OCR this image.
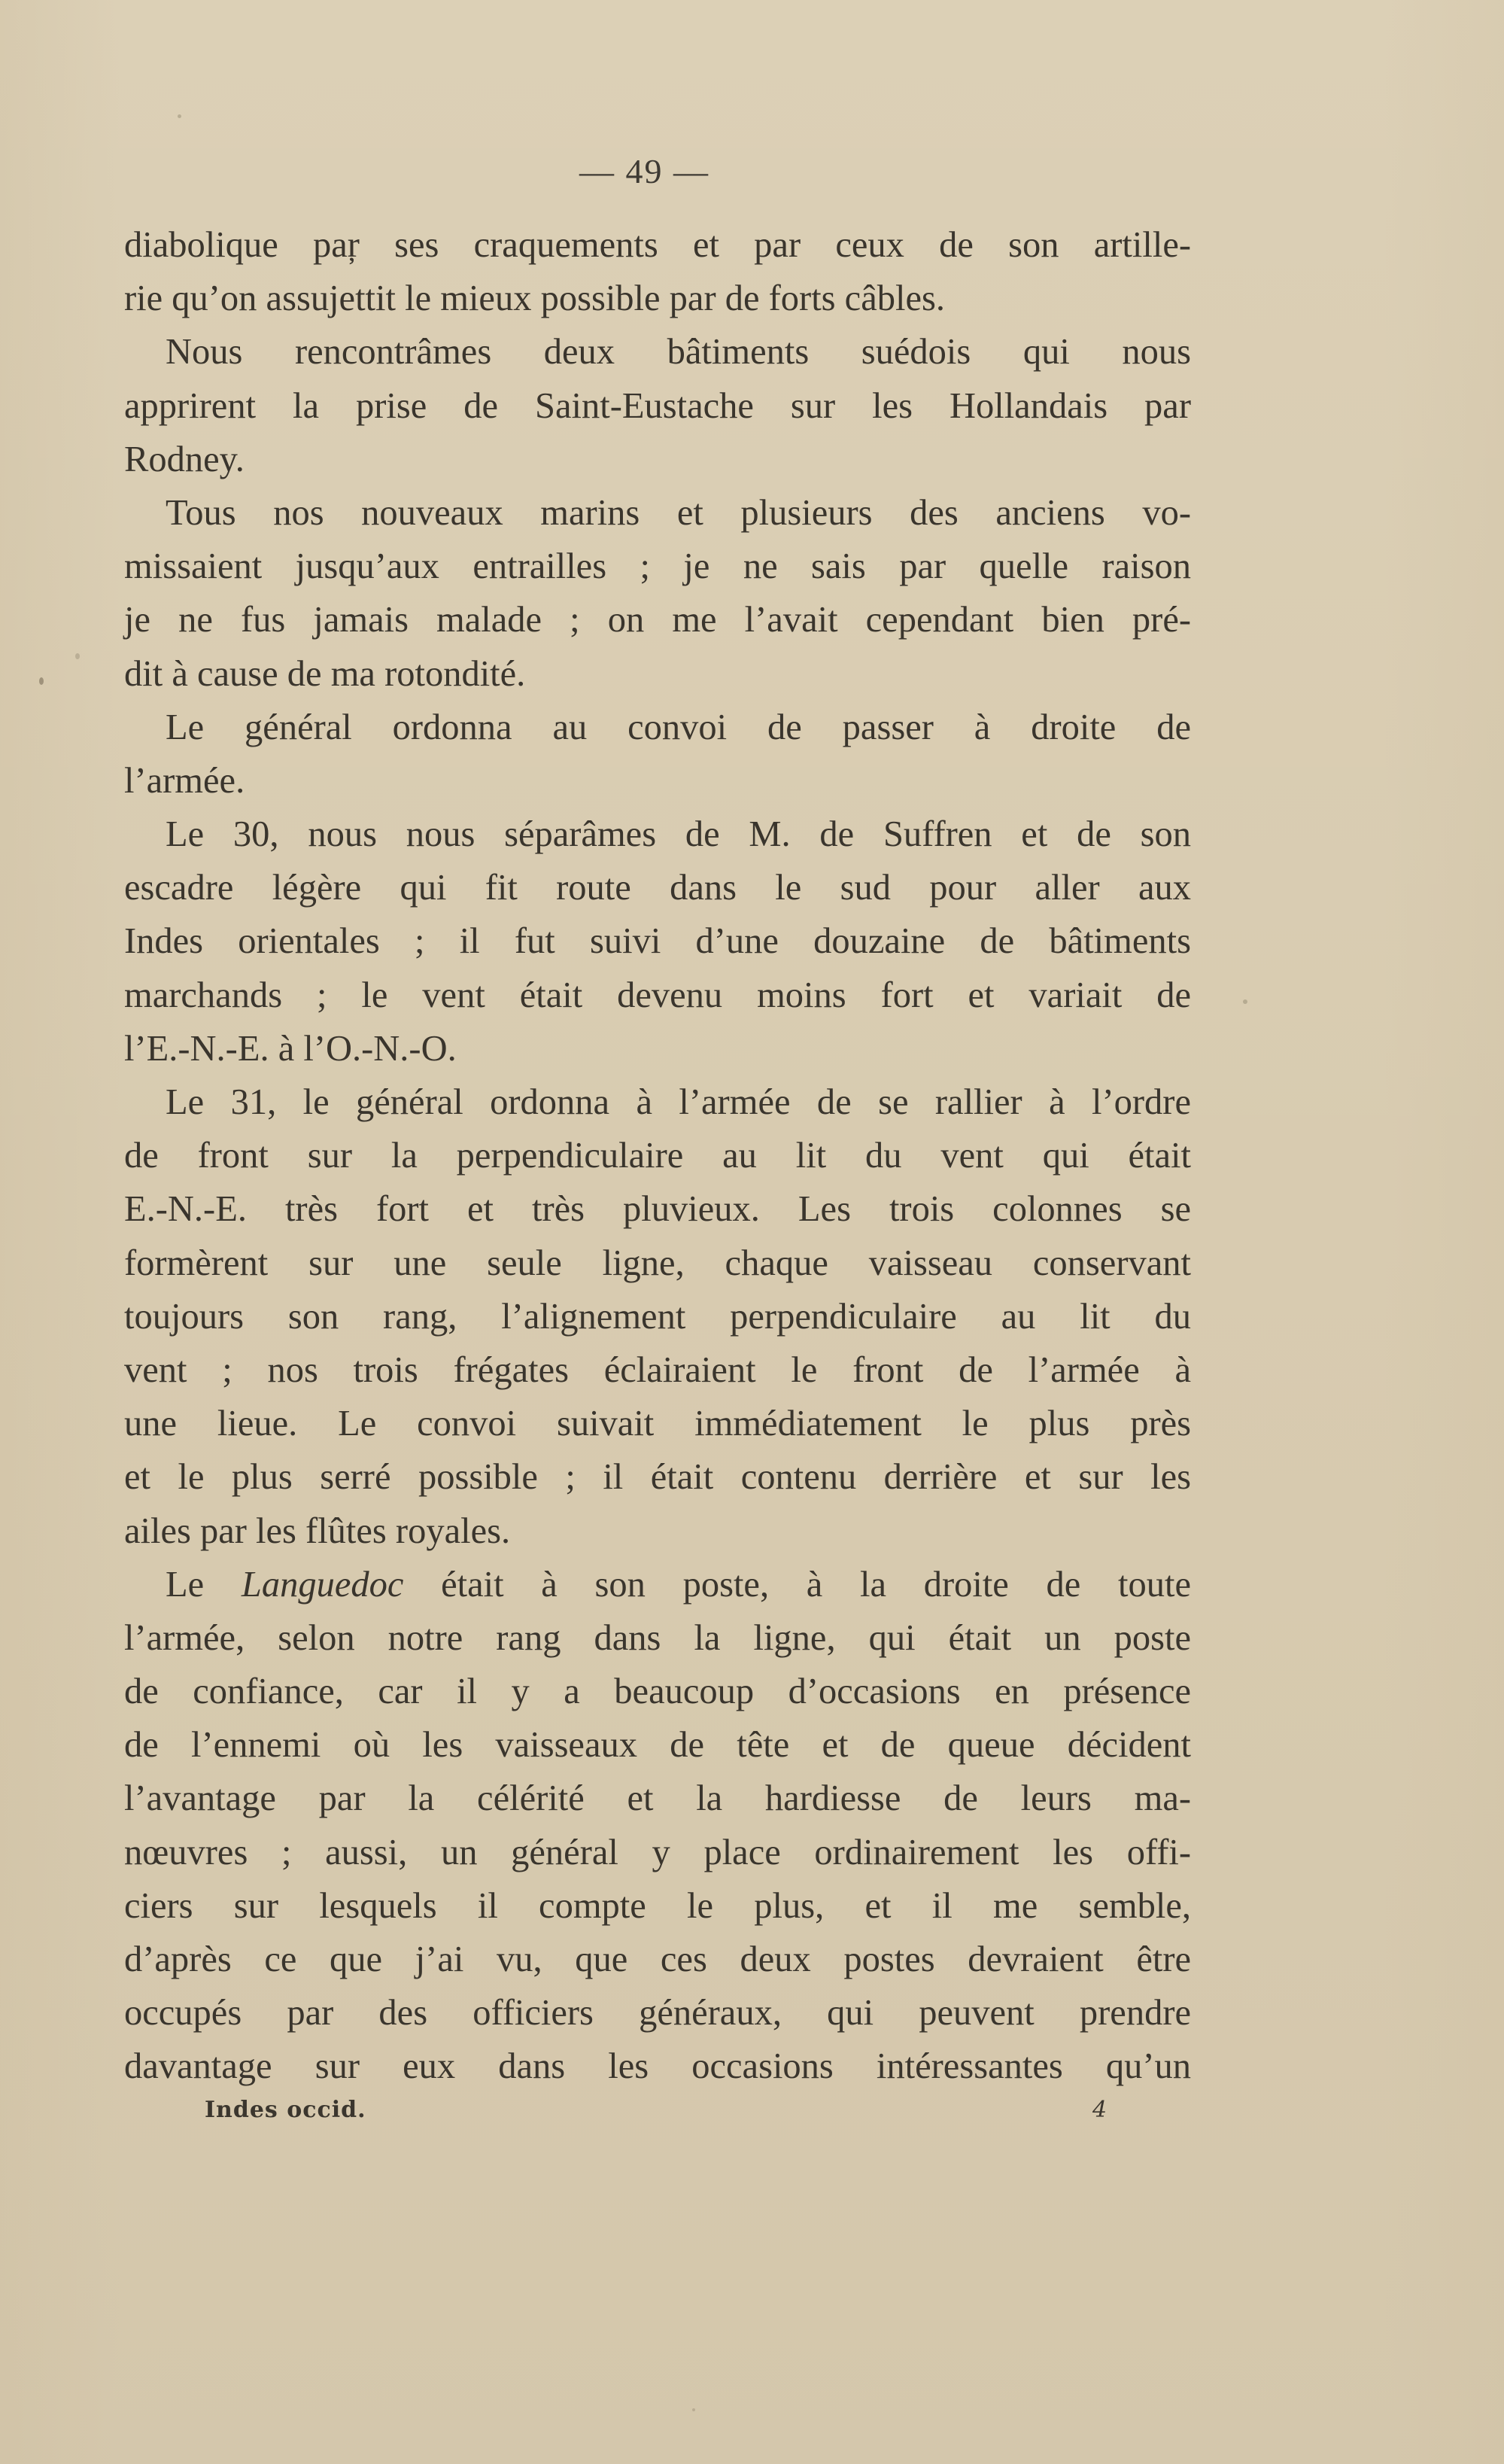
— 49 —
diabolique paŗ ses craquements et par ceux de son artille-
rie qu’on assujettit le mieux possible par de forts câbles.
Nous rencontrâmes deux bâtiments suédois qui nous
apprirent la prise de Saint-Eustache sur les Hollandais par
Rodney.
Tous nos nouveaux marins et plusieurs des anciens vo-
missaient jusqu’aux entrailles ; je ne sais par quelle raison
je ne fus jamais malade ; on me l’avait cependant bien pré-
dit à cause de ma rotondité.
Le général ordonna au convoi de passer à droite de
l’armée.
Le 30, nous nous séparâmes de M. de Suffren et de son
escadre légère qui fit route dans le sud pour aller aux
Indes orientales ; il fut suivi d’une douzaine de bâtiments
marchands ; le vent était devenu moins fort et variait de
l’E.-N.-E. à l’O.-N.-O.
Le 31, le général ordonna à l’armée de se rallier à l’ordre
de front sur la perpendiculaire au lit du vent qui était
E.-N.-E. très fort et très pluvieux. Les trois colonnes se
formèrent sur une seule ligne, chaque vaisseau conservant
toujours son rang, l’alignement perpendiculaire au lit du
vent ; nos trois frégates éclairaient le front de l’armée à
une lieue. Le convoi suivait immédiatement le plus près
et le plus serré possible ; il était contenu derrière et sur les
ailes par les flûtes royales.
Le Languedoc était à son poste, à la droite de toute
l’armée, selon notre rang dans la ligne, qui était un poste
de confiance, car il y a beaucoup d’occasions en présence
de l’ennemi où les vaisseaux de tête et de queue décident
l’avantage par la célérité et la hardiesse de leurs ma-
nœuvres ; aussi, un général y place ordinairement les offi-
ciers sur lesquels il compte le plus, et il me semble,
d’après ce que j’ai vu, que ces deux postes devraient être
occupés par des officiers généraux, qui peuvent prendre
davantage sur eux dans les occasions intéressantes qu’un
Indes occid.	4
